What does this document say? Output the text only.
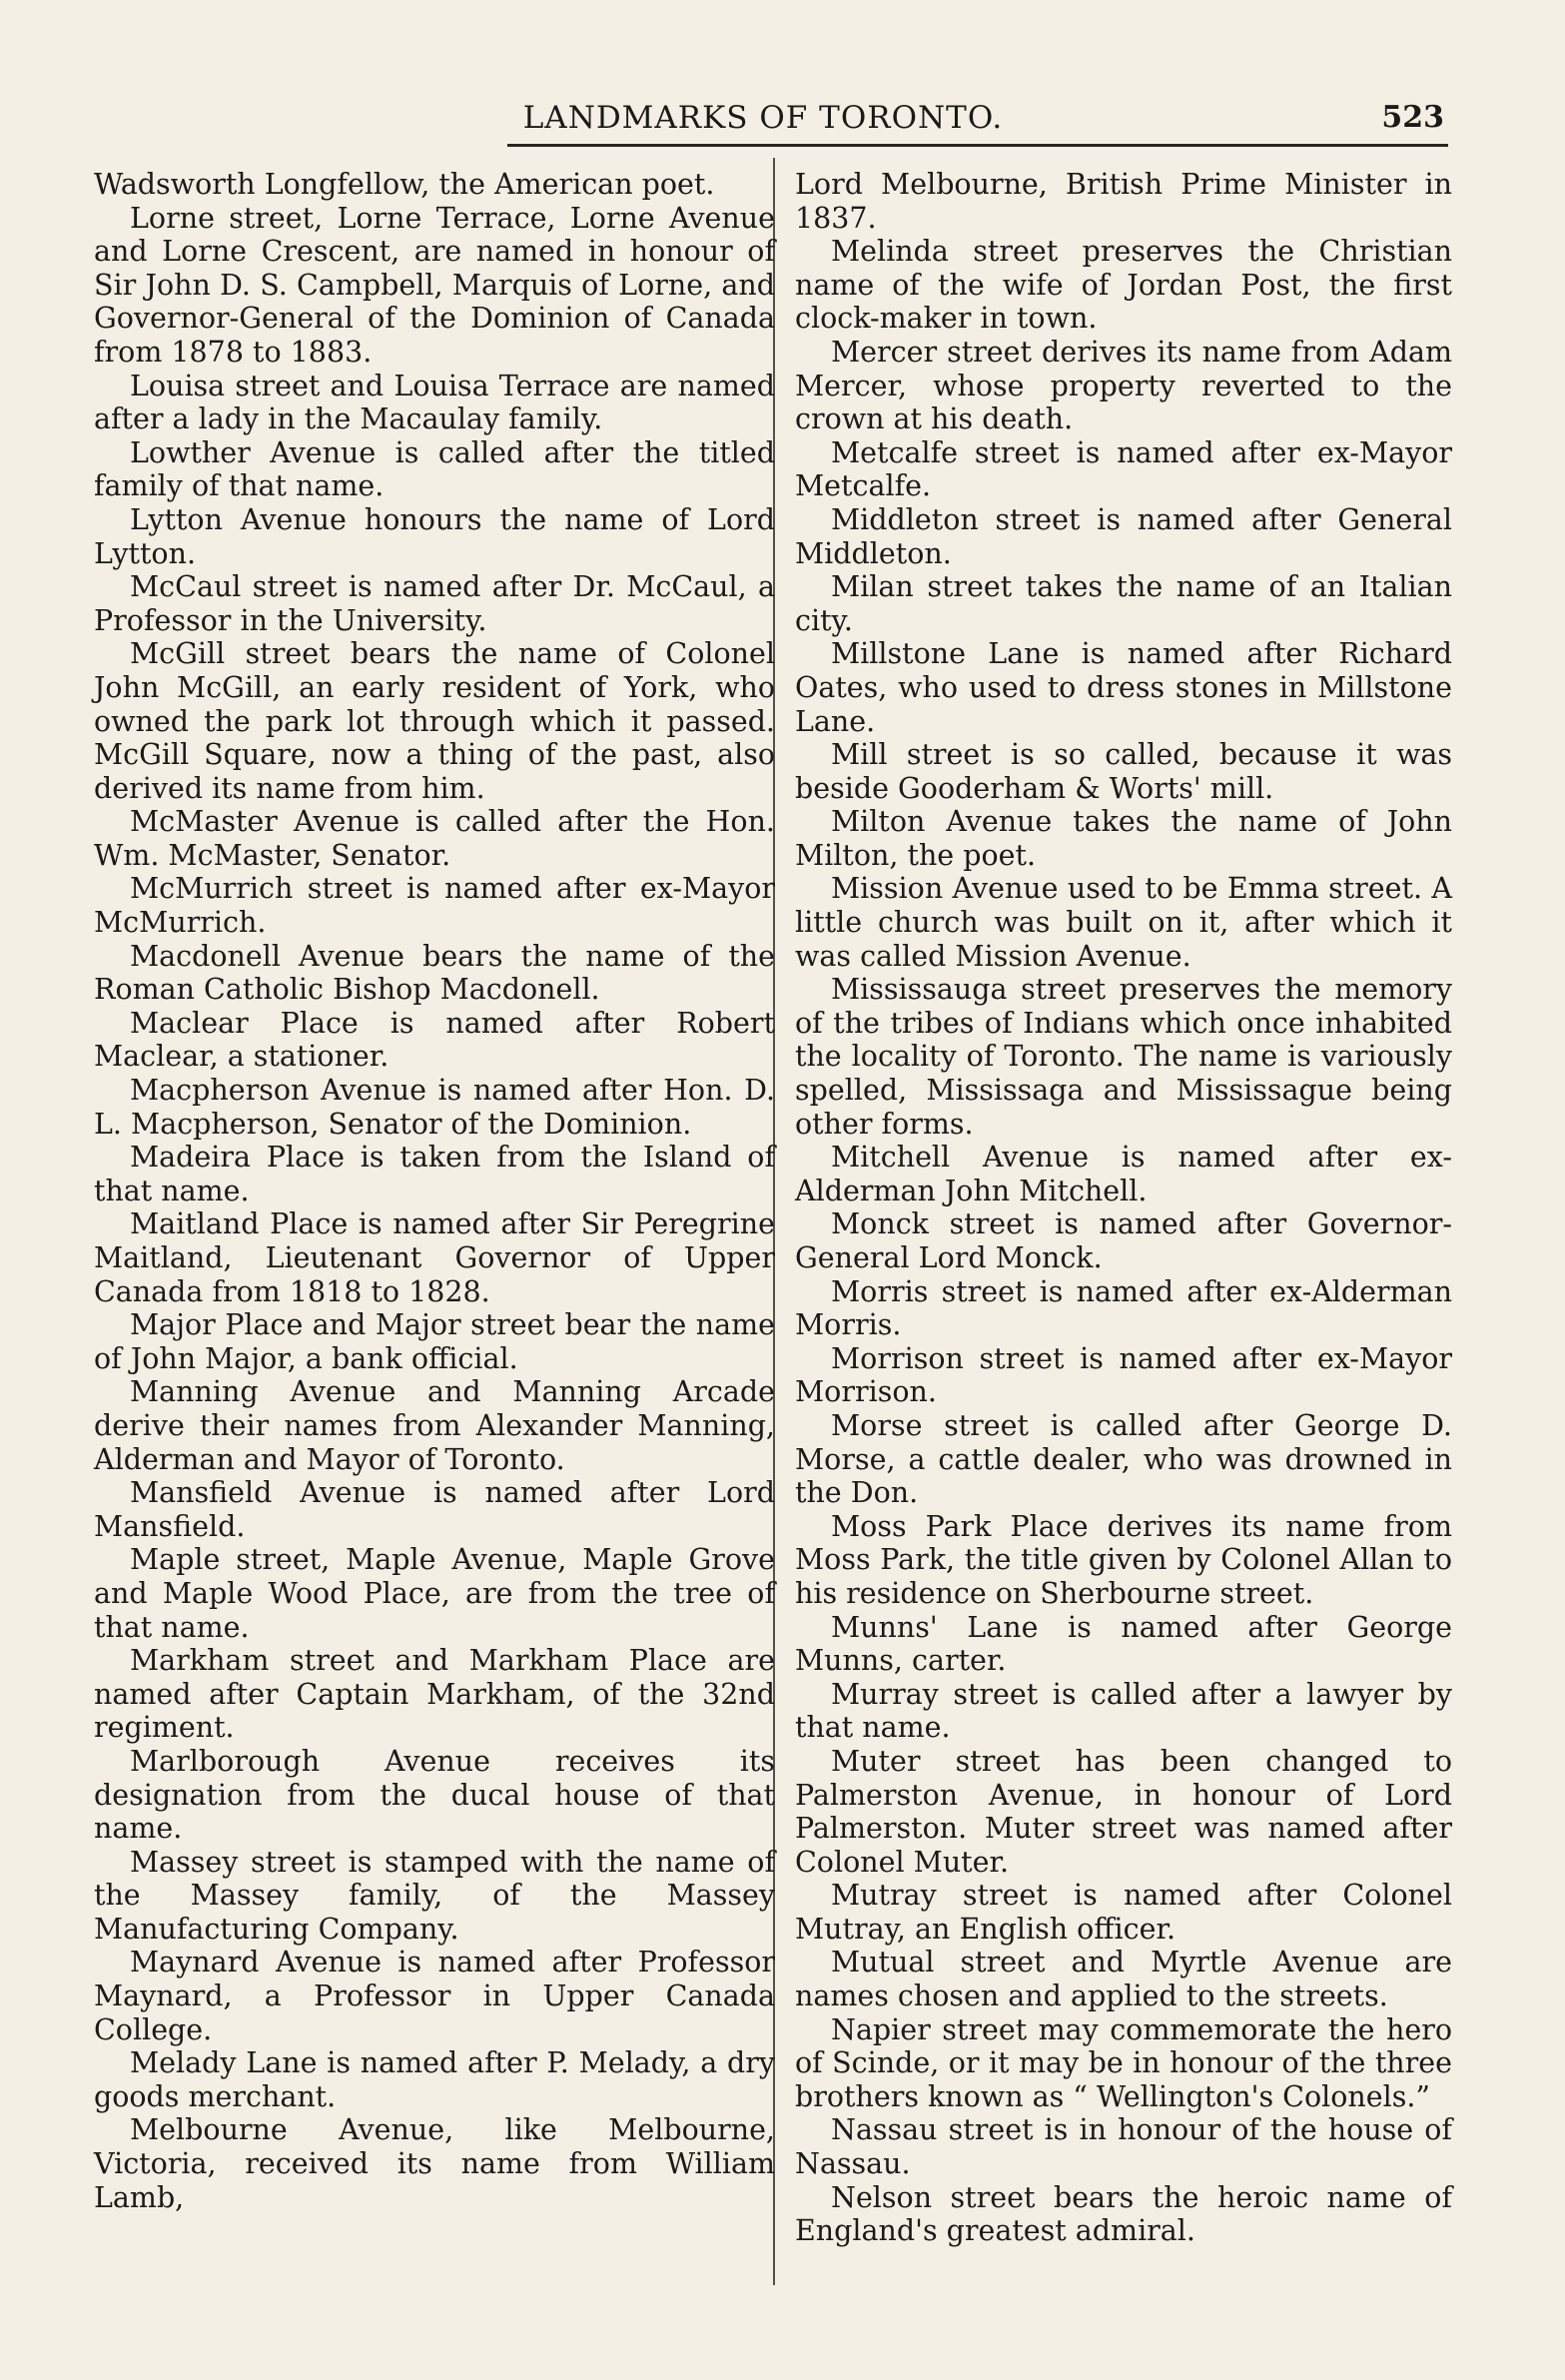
LANDMARKS OF TORONTO.	523

Wadsworth Longfellow, the American poet.

Lorne street, Lorne Terrace, Lorne Avenue and Lorne Crescent, are named in honour of Sir John D. S. Campbell, Marquis of Lorne, and Governor-General of the Dominion of Canada from 1878 to 1883.

Louisa street and Louisa Terrace are named after a lady in the Macaulay family.

Lowther Avenue is called after the titled family of that name.

Lytton Avenue honours the name of Lord Lytton.

McCaul street is named after Dr. McCaul, a Professor in the University.

McGill street bears the name of Colonel John McGill, an early resident of York, who owned the park lot through which it passed. McGill Square, now a thing of the past, also derived its name from him.

McMaster Avenue is called after the Hon. Wm. McMaster, Senator.

McMurrich street is named after ex-Mayor McMurrich.

Macdonell Avenue bears the name of the Roman Catholic Bishop Macdonell.

Maclear Place is named after Robert Maclear, a stationer.

Macpherson Avenue is named after Hon. D. L. Macpherson, Senator of the Dominion.

Madeira Place is taken from the Island of that name.

Maitland Place is named after Sir Peregrine Maitland, Lieutenant Governor of Upper Canada from 1818 to 1828.

Major Place and Major street bear the name of John Major, a bank official.

Manning Avenue and Manning Arcade derive their names from Alexander Manning, Alderman and Mayor of Toronto.

Mansfield Avenue is named after Lord Mansfield.

Maple street, Maple Avenue, Maple Grove and Maple Wood Place, are from the tree of that name.

Markham street and Markham Place are named after Captain Markham, of the 32nd regiment.

Marlborough Avenue receives its designation from the ducal house of that name.

Massey street is stamped with the name of the Massey family, of the Massey Manufacturing Company.

Maynard Avenue is named after Professor Maynard, a Professor in Upper Canada College.

Melady Lane is named after P. Melady, a dry goods merchant.

Melbourne Avenue, like Melbourne, Victoria, received its name from William Lamb,

Lord Melbourne, British Prime Minister in 1837.

Melinda street preserves the Christian name of the wife of Jordan Post, the first clock-maker in town.

Mercer street derives its name from Adam Mercer, whose property reverted to the crown at his death.

Metcalfe street is named after ex-Mayor Metcalfe.

Middleton street is named after General Middleton.

Milan street takes the name of an Italian city.

Millstone Lane is named after Richard Oates, who used to dress stones in Millstone Lane.

Mill street is so called, because it was beside Gooderham & Worts' mill.

Milton Avenue takes the name of John Milton, the poet.

Mission Avenue used to be Emma street. A little church was built on it, after which it was called Mission Avenue.

Mississauga street preserves the memory of the tribes of Indians which once inhabited the locality of Toronto. The name is variously spelled, Mississaga and Mississague being other forms.

Mitchell Avenue is named after ex-Alderman John Mitchell.

Monck street is named after Governor-General Lord Monck.

Morris street is named after ex-Alderman Morris.

Morrison street is named after ex-Mayor Morrison.

Morse street is called after George D. Morse, a cattle dealer, who was drowned in the Don.

Moss Park Place derives its name from Moss Park, the title given by Colonel Allan to his residence on Sherbourne street.

Munns' Lane is named after George Munns, carter.

Murray street is called after a lawyer by that name.

Muter street has been changed to Palmerston Avenue, in honour of Lord Palmerston. Muter street was named after Colonel Muter.

Mutray street is named after Colonel Mutray, an English officer.

Mutual street and Myrtle Avenue are names chosen and applied to the streets.

Napier street may commemorate the hero of Scinde, or it may be in honour of the three brothers known as “ Wellington's Colonels.”

Nassau street is in honour of the house of Nassau.

Nelson street bears the heroic name of England's greatest admiral.
